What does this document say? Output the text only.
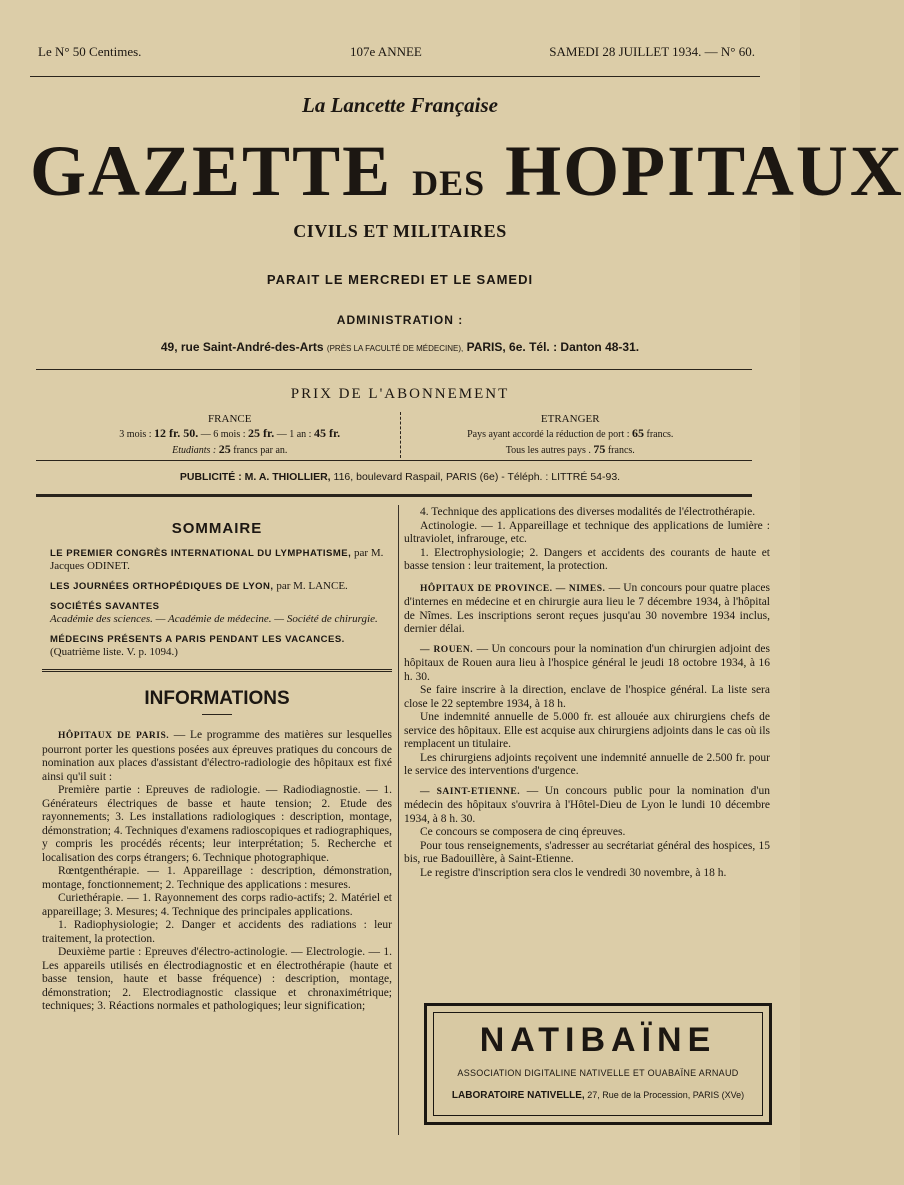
Le N° 50 Centimes.	107e ANNEE	SAMEDI 28 JUILLET 1934. — N° 60.
La Lancette Française
GAZETTE DES HOPITAUX
CIVILS ET MILITAIRES
PARAIT LE MERCREDI ET LE SAMEDI
ADMINISTRATION :
49, rue Saint-André-des-Arts (PRÈS LA FACULTÉ DE MÉDECINE), PARIS, 6e. Tél. : Danton 48-31.
PRIX DE L'ABONNEMENT
FRANCE
3 mois : 12 fr. 50. — 6 mois : 25 fr. — 1 an : 45 fr.
Etudiants : 25 francs par an.
ETRANGER
Pays ayant accordé la réduction de port : 65 francs.
Tous les autres pays . 75 francs.
PUBLICITÉ : M. A. THIOLLIER, 116, boulevard Raspail, PARIS (6e) - Téléph. : LITTRÉ 54-93.
SOMMAIRE
LE PREMIER CONGRÈS INTERNATIONAL DU LYMPHATISME, par M. Jacques ODINET.
LES JOURNÉES ORTHOPÉDIQUES DE LYON, par M. LANCE.
SOCIÉTÉS SAVANTES
Académie des sciences. — Académie de médecine. — Société de chirurgie.
MÉDECINS PRÉSENTS A PARIS PENDANT LES VACANCES. (Quatrième liste. V. p. 1094.)
INFORMATIONS

HÔPITAUX DE PARIS. — Le programme des matières sur lesquelles pourront porter les questions posées aux épreuves pratiques du concours de nomination aux places d'assistant d'électro-radiologie des hôpitaux est fixé ainsi qu'il suit :

Première partie : Epreuves de radiologie. — Radiodiagnostie. — 1. Générateurs électriques de basse et haute tension; 2. Etude des rayonnements; 3. Les installations radiologiques : description, montage, démonstration; 4. Techniques d'examens radioscopiques et radiographiques, y compris les procédés récents; leur interprétation; 5. Recherche et localisation des corps étrangers; 6. Technique photographique.

Rœntgenthérapie. — 1. Appareillage : description, démonstration, montage, fonctionnement; 2. Technique des applications : mesures.

Curiethérapie. — 1. Rayonnement des corps radio-actifs; 2. Matériel et appareillage; 3. Mesures; 4. Technique des principales applications.

1. Radiophysiologie; 2. Danger et accidents des radiations : leur traitement, la protection.

Deuxième partie : Epreuves d'électro-actinologie. — Electrologie. — 1. Les appareils utilisés en électrodiagnostic et en électrothérapie (haute et basse tension, haute et basse fréquence) : description, montage, démonstration; 2. Electrodiagnostic classique et chronaximétrique; techniques; 3. Réactions normales et pathologiques; leur signification;

4. Technique des applications des diverses modalités de l'électrothérapie.

Actinologie. — 1. Appareillage et technique des applications de lumière : ultraviolet, infrarouge, etc.

1. Electrophysiologie; 2. Dangers et accidents des courants de haute et basse tension : leur traitement, la protection.

HÔPITAUX DE PROVINCE. — NIMES. — Un concours pour quatre places d'internes en médecine et en chirurgie aura lieu le 7 décembre 1934, à l'hôpital de Nîmes. Les inscriptions seront reçues jusqu'au 30 novembre 1934 inclus, dernier délai.

— ROUEN. — Un concours pour la nomination d'un chirurgien adjoint des hôpitaux de Rouen aura lieu à l'hospice général le jeudi 18 octobre 1934, à 16 h. 30.

Se faire inscrire à la direction, enclave de l'hospice général. La liste sera close le 22 septembre 1934, à 18 h.

Une indemnité annuelle de 5.000 fr. est allouée aux chirurgiens chefs de service des hôpitaux. Elle est acquise aux chirurgiens adjoints dans le cas où ils remplacent un titulaire.

Les chirurgiens adjoints reçoivent une indemnité annuelle de 2.500 fr. pour le service des interventions d'urgence.

— SAINT-ETIENNE. — Un concours public pour la nomination d'un médecin des hôpitaux s'ouvrira à l'Hôtel-Dieu de Lyon le lundi 10 décembre 1934, à 8 h. 30.

Ce concours se composera de cinq épreuves.

Pour tous renseignements, s'adresser au secrétariat général des hospices, 15 bis, rue Badouillère, à Saint-Etienne.

Le registre d'inscription sera clos le vendredi 30 novembre, à 18 h.

NATIBAÏNE
ASSOCIATION DIGITALINE NATIVELLE ET OUABAÏNE ARNAUD
LABORATOIRE NATIVELLE, 27, Rue de la Procession, PARIS (XVe)
